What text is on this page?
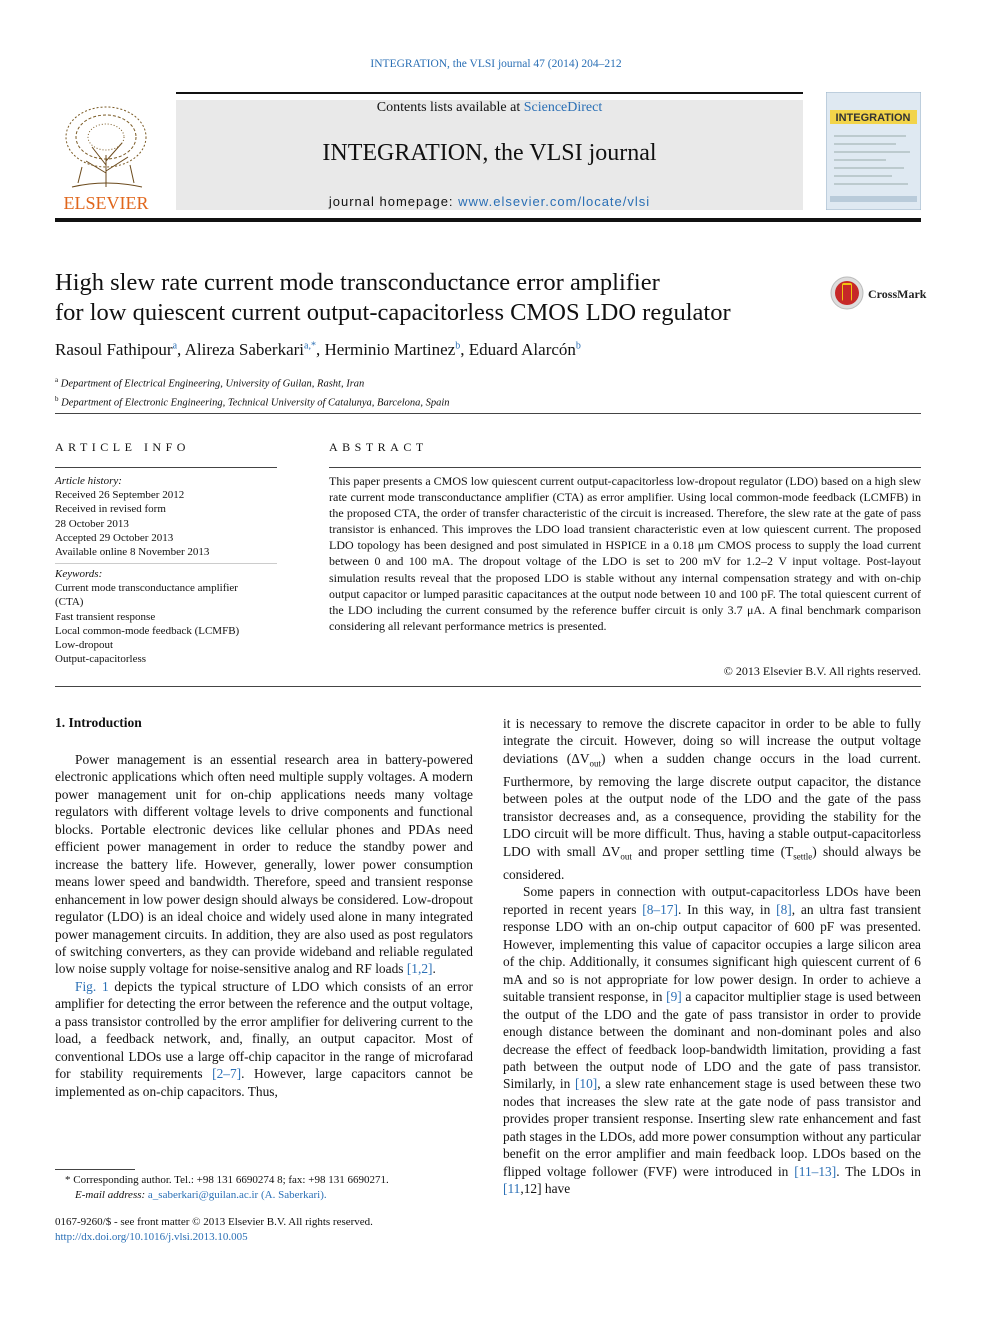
INTEGRATION, the VLSI journal 47 (2014) 204–212
ELSEVIER
Contents lists available at ScienceDirect
INTEGRATION, the VLSI journal
journal homepage: www.elsevier.com/locate/vlsi
INTEGRATION
High slew rate current mode transconductance error amplifier
for low quiescent current output-capacitorless CMOS LDO regulator
CrossMark
Rasoul Fathipour$^a$, Alireza Saberkari$^{a,*}$, Herminio Martinez$^b$, Eduard Alarcón$^b$
$^a$ Department of Electrical Engineering, University of Guilan, Rasht, Iran
$^b$ Department of Electronic Engineering, Technical University of Catalunya, Barcelona, Spain
ARTICLE INFO	ABSTRACT
Article history:
Received 26 September 2012
Received in revised form
28 October 2013
Accepted 29 October 2013
Available online 8 November 2013
Keywords:
Current mode transconductance amplifier
(CTA)
Fast transient response
Local common-mode feedback (LCMFB)
Low-dropout
Output-capacitorless
This paper presents a CMOS low quiescent current output-capacitorless low-dropout regulator (LDO) based on a high slew rate current mode transconductance amplifier (CTA) as error amplifier. Using local common-mode feedback (LCMFB) in the proposed CTA, the order of transfer characteristic of the circuit is increased. Therefore, the slew rate at the gate of pass transistor is enhanced. This improves the LDO load transient characteristic even at low quiescent current. The proposed LDO topology has been designed and post simulated in HSPICE in a 0.18 μm CMOS process to supply the load current between 0 and 100 mA. The dropout voltage of the LDO is set to 200 mV for 1.2–2 V input voltage. Post-layout simulation results reveal that the proposed LDO is stable without any internal compensation strategy and with on-chip output capacitor or lumped parasitic capacitances at the output node between 10 and 100 pF. The total quiescent current of the LDO including the current consumed by the reference buffer circuit is only 3.7 μA. A final benchmark comparison considering all relevant performance metrics is presented.
© 2013 Elsevier B.V. All rights reserved.
1. Introduction

Power management is an essential research area in battery-powered electronic applications which often need multiple supply voltages. A modern power management unit for on-chip applications needs many voltage regulators with different voltage levels to drive components and functional blocks. Portable electronic devices like cellular phones and PDAs need efficient power management in order to reduce the standby power and increase the battery life. However, generally, lower power consumption means lower speed and bandwidth. Therefore, speed and transient response enhancement in low power design should always be considered. Low-dropout regulator (LDO) is an ideal choice and widely used alone in many integrated power management circuits. In addition, they are also used as post regulators of switching converters, as they can provide wideband and reliable regulated low noise supply voltage for noise-sensitive analog and RF loads [1,2].

Fig. 1 depicts the typical structure of LDO which consists of an error amplifier for detecting the error between the reference and the output voltage, a pass transistor controlled by the error amplifier for delivering current to the load, a feedback network, and, finally, an output capacitor. Most of conventional LDOs use a large off-chip capacitor in the range of microfarad for stability requirements [2–7]. However, large capacitors cannot be implemented as on-chip capacitors. Thus,

it is necessary to remove the discrete capacitor in order to be able to fully integrate the circuit. However, doing so will increase the output voltage deviations $(\Delta V_{out})$ when a sudden change occurs in the load current. Furthermore, by removing the large discrete output capacitor, the distance between poles at the output node of the LDO and the gate of the pass transistor decreases and, as a consequence, providing the stability for the LDO circuit will be more difficult. Thus, having a stable output-capacitorless LDO with small $\Delta V_{out}$ and proper settling time $(T_{settle})$ should always be considered.

Some papers in connection with output-capacitorless LDOs have been reported in recent years [8–17]. In this way, in [8], an ultra fast transient response LDO with an on-chip output capacitor of 600 pF was presented. However, implementing this value of capacitor occupies a large silicon area of the chip. Additionally, it consumes significant high quiescent current of 6 mA and so is not appropriate for low power design. In order to achieve a suitable transient response, in [9] a capacitor multiplier stage is used between the output of the LDO and the gate of pass transistor in order to provide enough distance between the dominant and non-dominant poles and also decrease the effect of feedback loop-bandwidth limitation, providing a fast path between the output node of LDO and the gate of pass transistor. Similarly, in [10], a slew rate enhancement stage is used between these two nodes that increases the slew rate at the gate node of pass transistor and provides proper transient response. Inserting slew rate enhancement and fast path stages in the LDOs, add more power consumption without any particular benefit on the error amplifier and main feedback loop. LDOs based on the flipped voltage follower (FVF) were introduced in [11–13]. The LDOs in [11,12] have

* Corresponding author. Tel.: +98 131 6690274 8; fax: +98 131 6690271.
E-mail address: a_saberkari@guilan.ac.ir (A. Saberkari).
0167-9260/$ - see front matter © 2013 Elsevier B.V. All rights reserved.
http://dx.doi.org/10.1016/j.vlsi.2013.10.005
